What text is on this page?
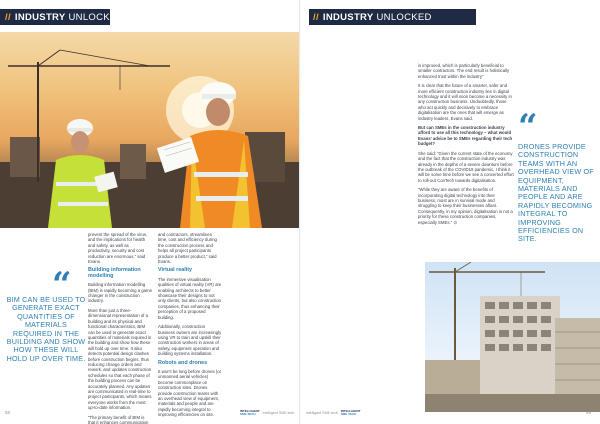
// INDUSTRY UNLOCKED

prevent the spread of the virus, and the implications for health and safety, as well as productivity, security and cost reduction are enormous,” said Evans.

Building information modelling

Building information modelling (BIM) is rapidly becoming a game changer in the construction industry.

More than just a three-dimensional representation of a building and its physical and functional characteristics, BIM can be used to generate exact quantities of materials required in the building and show how these will hold up over time. It also detects potential design clashes before construction begins, thus reducing change orders and rework, and updates construction schedules so that each phase of the building process can be accurately planned. Any updates are communicated in real-time to project participants, which means everyone works from the most up-to-date information.

“The primary benefit of BIM is that it enhances communication

and contractors, streamlines time, cost and efficiency during the construction process and helps all project participants produce a better product,” said Evans.

Virtual reality

The immersive visualisation qualities of virtual reality (VR) are enabling architects to better showcase their designs to not only clients, but also construction companies, thus enhancing their perception of a proposed building.

Additionally, construction business owners are increasingly using VR to train and upskill their construction workers in areas of safety, equipment operation and building systems installation.

Robots and drones

It won’t be long before drones (or unmanned aerial vehicles) become commonplace on construction sites. Drones provide construction teams with an overhead view of equipment, materials and people and are rapidly becoming integral to improving efficiencies on site.

“
BIM CAN BE USED TO GENERATE EXACT QUANTITIES OF MATERIALS REQUIRED IN THE BUILDING AND SHOW HOW THESE WILL HOLD UP OVER TIME.
58	INTELLIGENT
SME.TECH	intelligent SME.tech
// INDUSTRY UNLOCKED

is improved, which is particularly beneficial to smaller contractors. The end result is holistically enhanced trust within the industry”

It is clear that the future of a smarter, safer and more efficient construction industry lies in digital technology and it will soon become a necessity in any construction business. Undoubtedly, those who act quickly and decisively to embrace digitalisation are the ones that will emerge as industry leaders, Evans said.

But can SMEs in the construction industry afford to use all this technology – what would Evans’ advice be to SMEs regarding their tech budget?

She said: “Given the current state of the economy and the fact that the construction industry was already in the depths of a severe downturn before the outbreak of the COVID19 pandemic, I think it will be some time before we see a concerted effort to roll-out ConTech towards digitalisation.

“While they are aware of the benefits of incorporating digital technology into their business, most are in survival mode and struggling to keep their businesses afloat. Consequently, in my opinion, digitalisation is not a priority for these construction companies, especially SMEs.” ⊙

“
DRONES PROVIDE CONSTRUCTION TEAMS WITH AN OVERHEAD VIEW OF EQUIPMENT, MATERIALS AND PEOPLE AND ARE RAPIDLY BECOMING INTEGRAL TO IMPROVING EFFICIENCIES ON SITE.
intelligent SME.tech INTELLIGENT
SME.TECH	59
